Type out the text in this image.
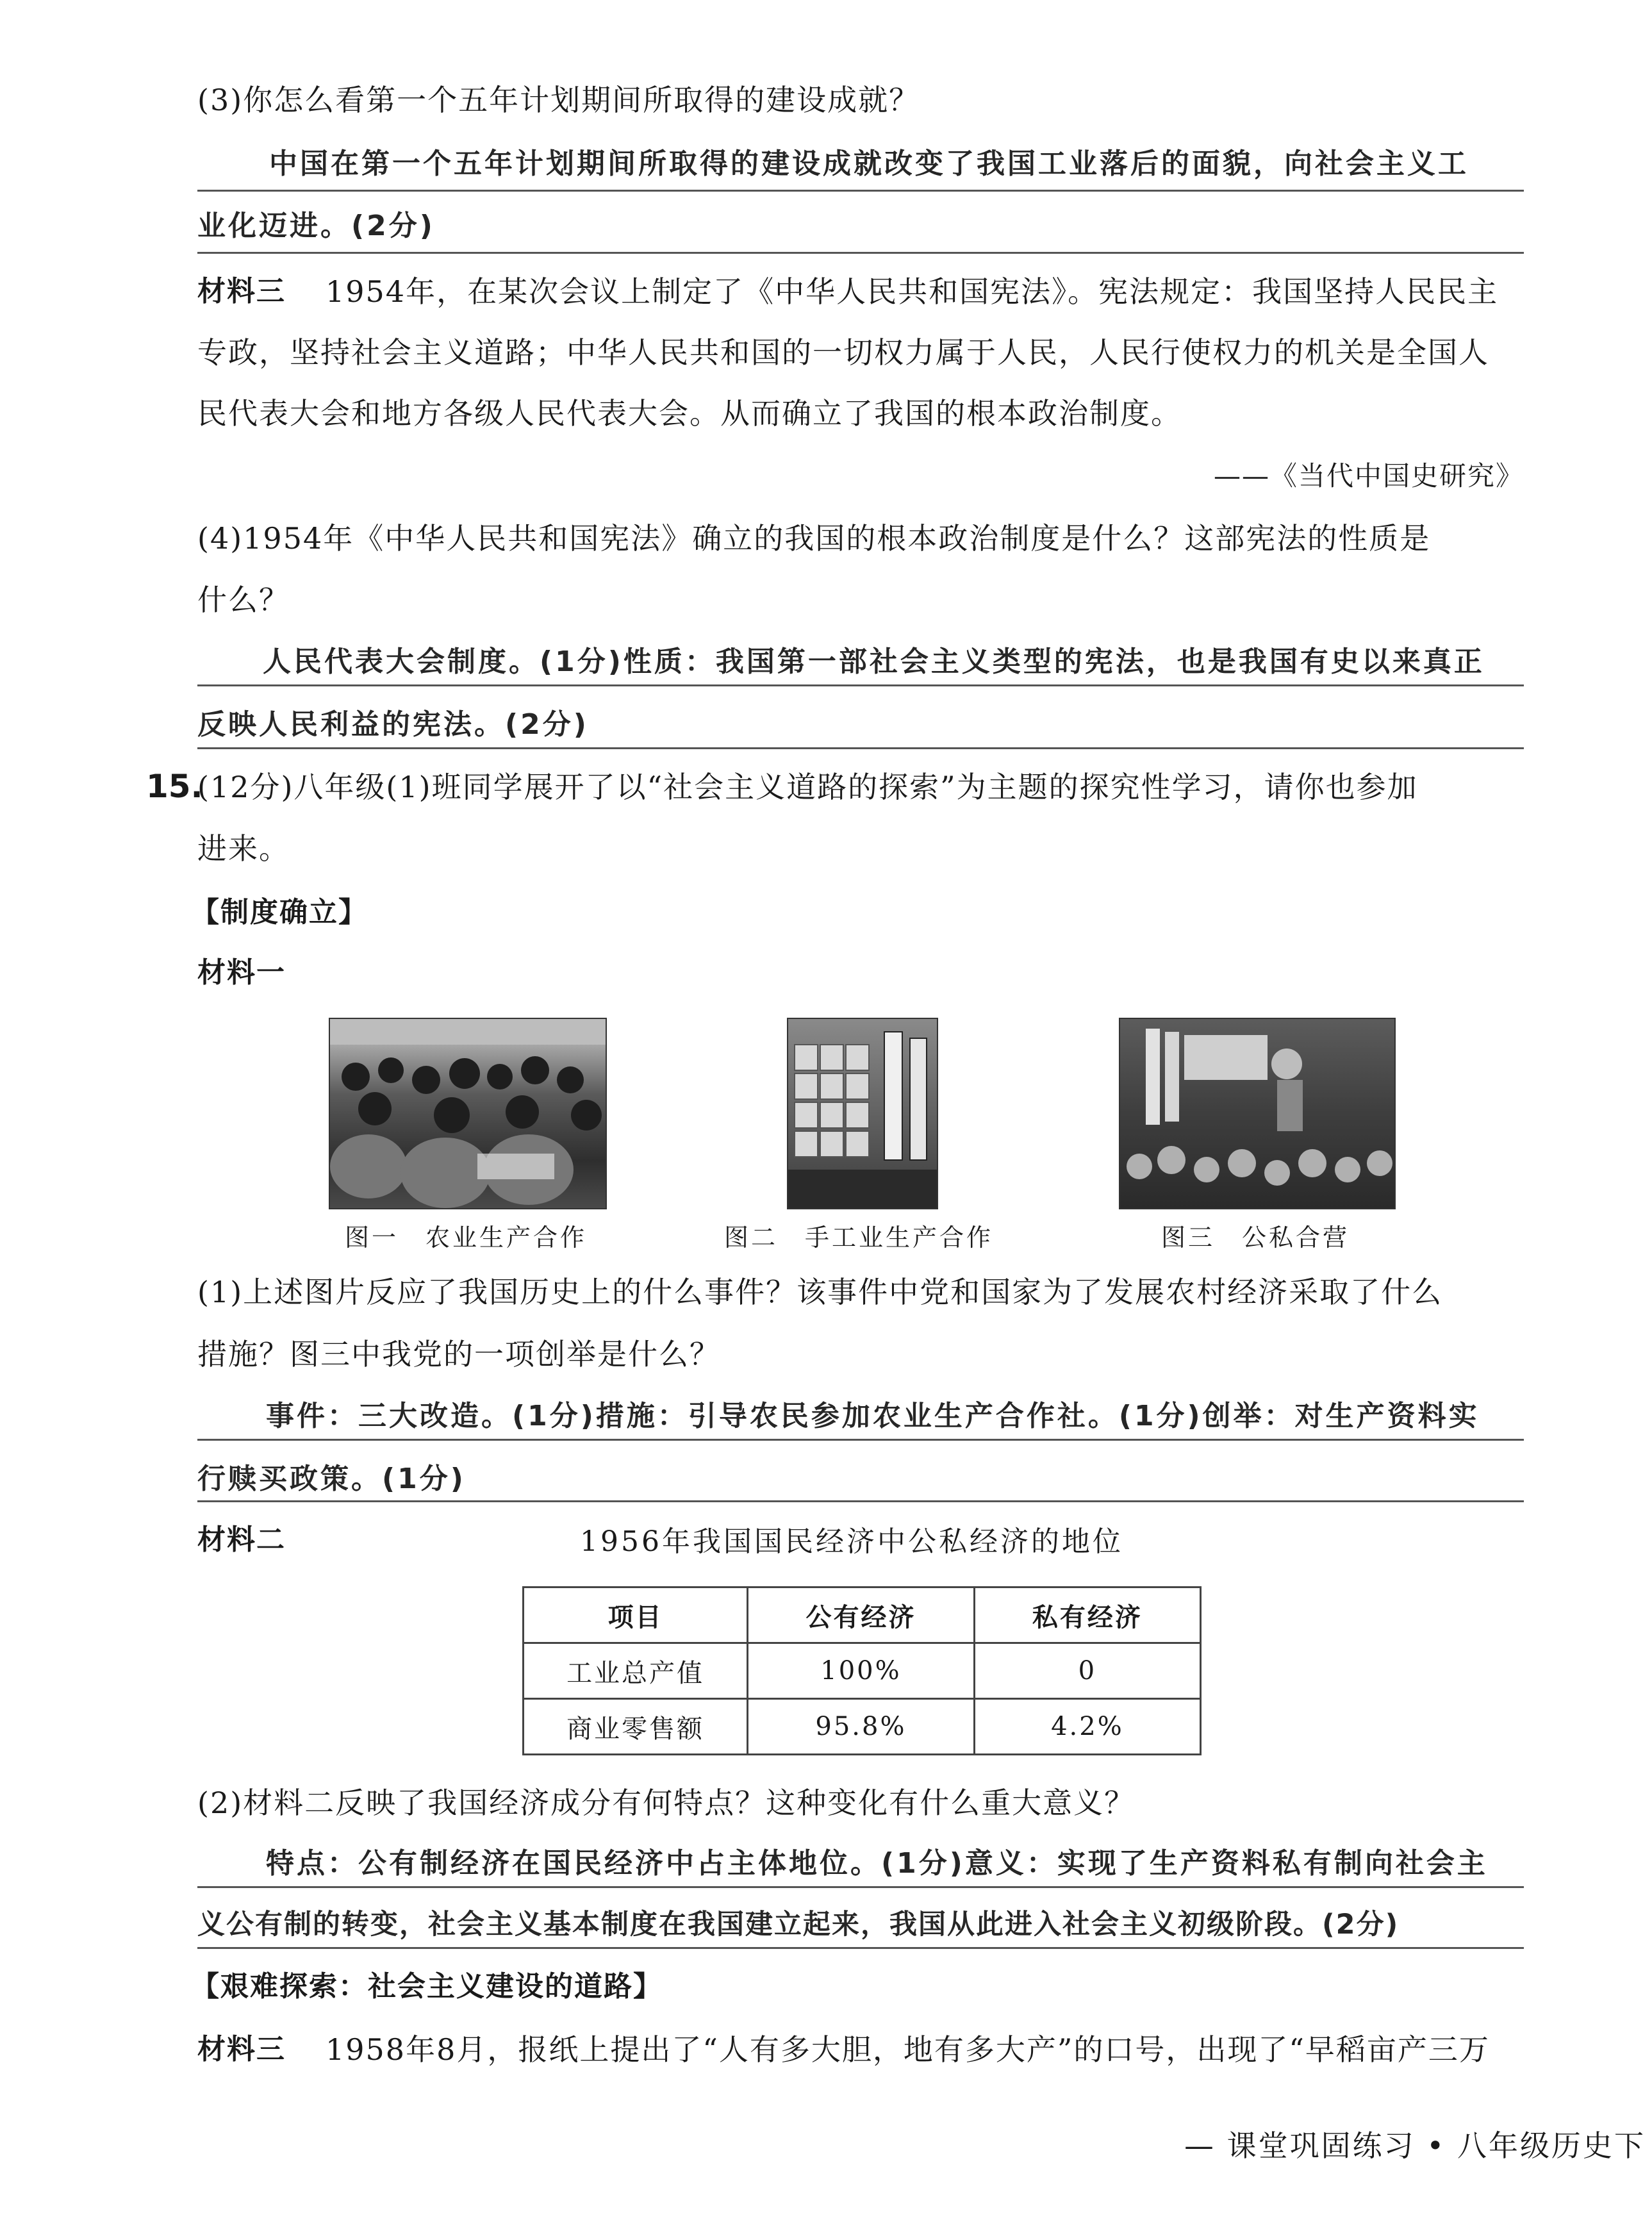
(3)你怎么看第一个五年计划期间所取得的建设成就？
中国在第一个五年计划期间所取得的建设成就改变了我国工业落后的面貌，向社会主义工
业化迈进。(2分)
材料三 1954年，在某次会议上制定了《中华人民共和国宪法》。宪法规定：我国坚持人民民主
专政，坚持社会主义道路；中华人民共和国的一切权力属于人民，人民行使权力的机关是全国人
民代表大会和地方各级人民代表大会。从而确立了我国的根本政治制度。
——《当代中国史研究》
(4)1954年《中华人民共和国宪法》确立的我国的根本政治制度是什么？这部宪法的性质是
什么？
人民代表大会制度。(1分)性质：我国第一部社会主义类型的宪法，也是我国有史以来真正
反映人民利益的宪法。(2分)
15.
(12分)八年级(1)班同学展开了以“社会主义道路的探索”为主题的探究性学习，请你也参加
进来。
【制度确立】
材料一
图一　农业生产合作	图二　手工业生产合作	图三　公私合营
(1)上述图片反应了我国历史上的什么事件？该事件中党和国家为了发展农村经济采取了什么
措施？图三中我党的一项创举是什么？
事件：三大改造。(1分)措施：引导农民参加农业生产合作社。(1分)创举：对生产资料实
行赎买政策。(1分)
材料二	1956年我国国民经济中公私经济的地位
项目	公有经济	私有经济
工业总产值	100%	0
商业零售额	95.8%	4.2%
(2)材料二反映了我国经济成分有何特点？这种变化有什么重大意义？
特点：公有制经济在国民经济中占主体地位。(1分)意义：实现了生产资料私有制向社会主
义公有制的转变，社会主义基本制度在我国建立起来，我国从此进入社会主义初级阶段。(2分)
【艰难探索：社会主义建设的道路】
材料三 1958年8月，报纸上提出了“人有多大胆，地有多大产”的口号，出现了“早稻亩产三万
— 课堂巩固练习 • 八年级历史下
